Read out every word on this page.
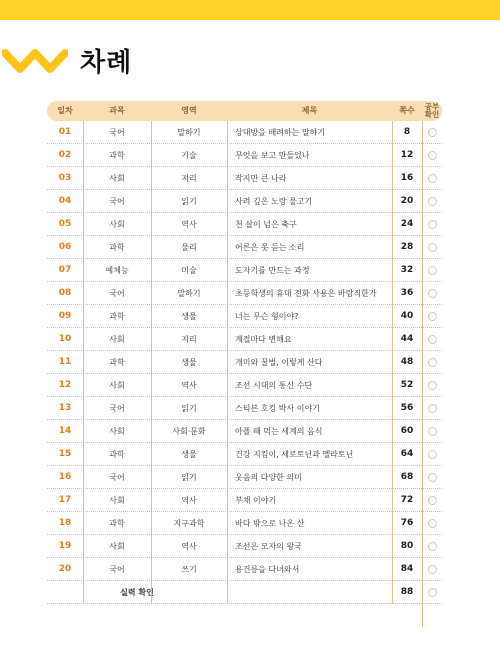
차례
일차	과목	영역	제목	쪽수	공부
확인
01	국어	말하기	상대방을 배려하는 말하기	8
02	과학	기술	무엇을 보고 만들었나	12
03	사회	지리	작지만 큰 나라	16
04	국어	읽기	사려 깊은 노랑 물고기	20
05	사회	역사	천 살이 넘은 축구	24
06	과학	물리	어른은 못 듣는 소리	28
07	예체능	미술	도자기를 만드는 과정	32
08	국어	말하기	초등학생의 휴대 전화 사용은 바람직한가	36
09	과학	생물	너는 무슨 형이야?	40
10	사회	지리	계절마다 변해요	44
11	과학	생물	개미와 꿀벌, 이렇게 산다	48
12	사회	역사	조선 시대의 통신 수단	52
13	국어	읽기	스티븐 호킹 박사 이야기	56
14	사회	사회·문화	아플 때 먹는 세계의 음식	60
15	과학	생물	건강 지킴이, 세로토닌과 멜라토닌	64
16	국어	읽기	웃음의 다양한 의미	68
17	사회	역사	부채 이야기	72
18	과학	지구과학	바다 밖으로 나온 산	76
19	사회	역사	조선은 모자의 왕국	80
20	국어	쓰기	용건릉을 다녀와서	84
실력 확인	88
